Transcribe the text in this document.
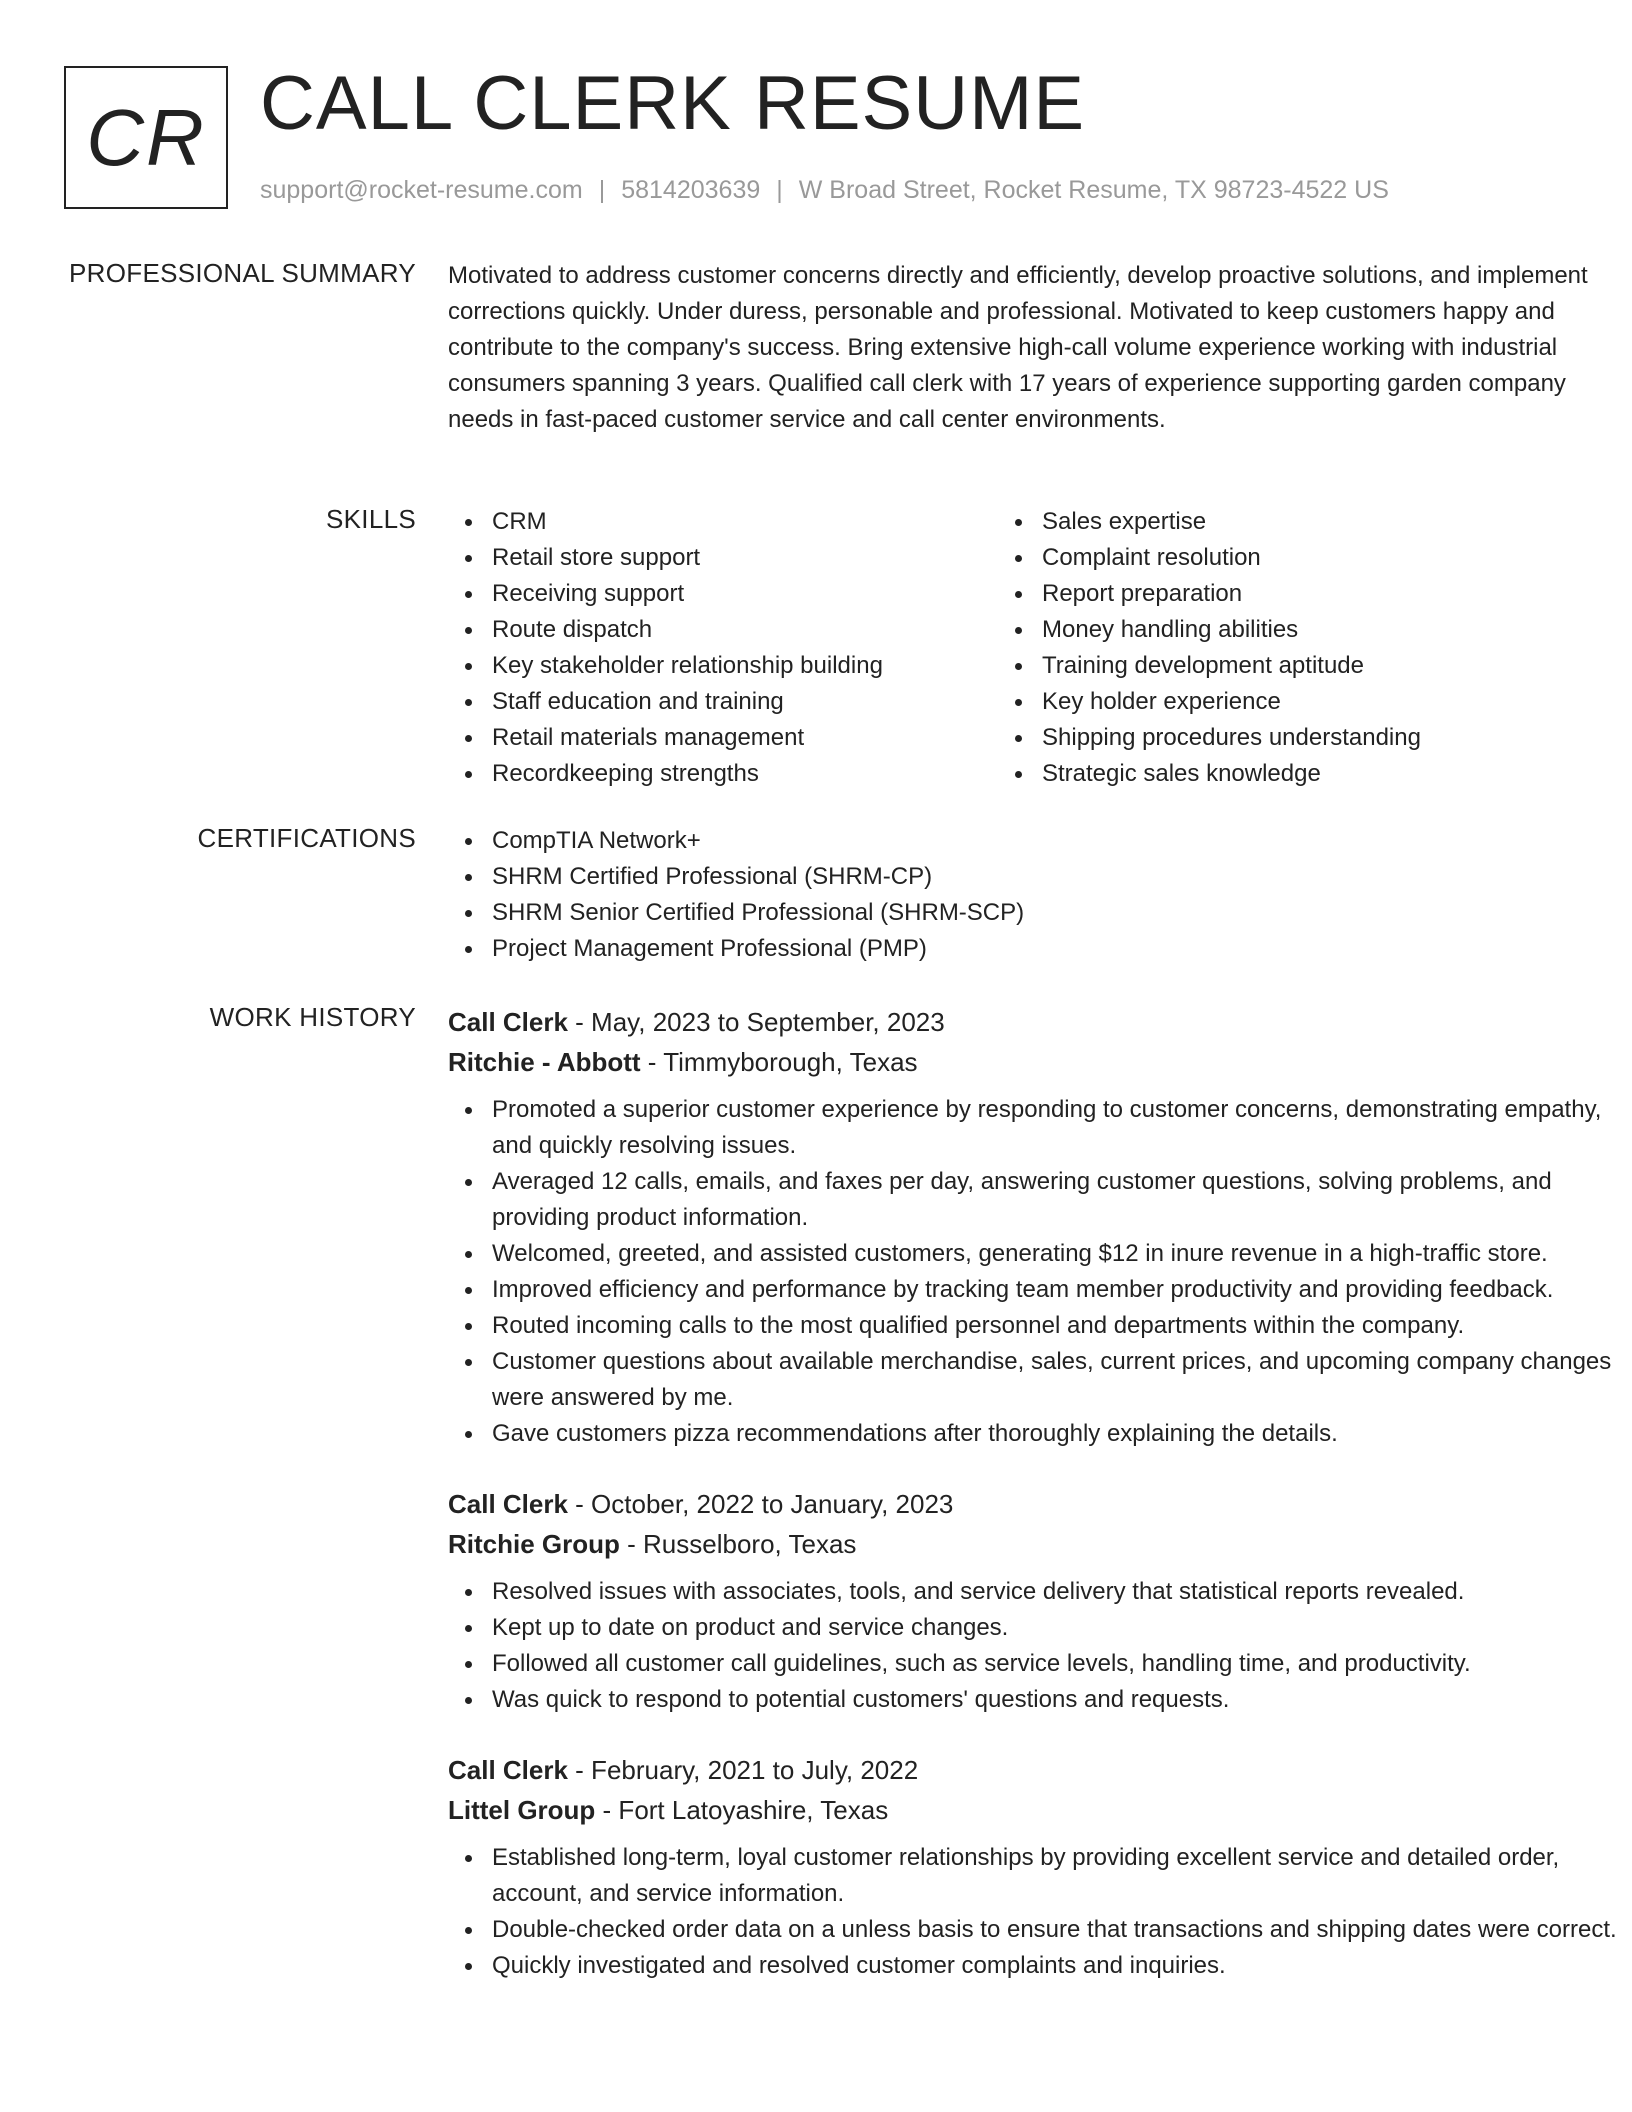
CR CALL CLERK RESUME
support@rocket-resume.com | 5814203639 | W Broad Street, Rocket Resume, TX 98723-4522 US
PROFESSIONAL SUMMARY Motivated to address customer concerns directly and efficiently, develop proactive solutions, and implement corrections quickly. Under duress, personable and professional. Motivated to keep customers happy and contribute to the company's success. Bring extensive high-call volume experience working with industrial consumers spanning 3 years. Qualified call clerk with 17 years of experience supporting garden company needs in fast-paced customer service and call center environments.
SKILLS	CRM
Retail store support
Receiving support
Route dispatch
Key stakeholder relationship building
Staff education and training
Retail materials management
Recordkeeping strengths
Sales expertise
Complaint resolution
Report preparation
Money handling abilities
Training development aptitude
Key holder experience
Shipping procedures understanding
Strategic sales knowledge
CERTIFICATIONS	CompTIA Network+
SHRM Certified Professional (SHRM-CP)
SHRM Senior Certified Professional (SHRM-SCP)
Project Management Professional (PMP)
WORK HISTORY Call Clerk - May, 2023 to September, 2023
Ritchie - Abbott - Timmyborough, Texas
Promoted a superior customer experience by responding to customer concerns, demonstrating empathy, and quickly resolving issues.
Averaged 12 calls, emails, and faxes per day, answering customer questions, solving problems, and providing product information.
Welcomed, greeted, and assisted customers, generating $12 in inure revenue in a high-traffic store.
Improved efficiency and performance by tracking team member productivity and providing feedback.
Routed incoming calls to the most qualified personnel and departments within the company.
Customer questions about available merchandise, sales, current prices, and upcoming company changes were answered by me.
Gave customers pizza recommendations after thoroughly explaining the details.
Call Clerk - October, 2022 to January, 2023
Ritchie Group - Russelboro, Texas
Resolved issues with associates, tools, and service delivery that statistical reports revealed.
Kept up to date on product and service changes.
Followed all customer call guidelines, such as service levels, handling time, and productivity.
Was quick to respond to potential customers' questions and requests.
Call Clerk - February, 2021 to July, 2022
Littel Group - Fort Latoyashire, Texas
Established long-term, loyal customer relationships by providing excellent service and detailed order, account, and service information.
Double-checked order data on a unless basis to ensure that transactions and shipping dates were correct.
Quickly investigated and resolved customer complaints and inquiries.
